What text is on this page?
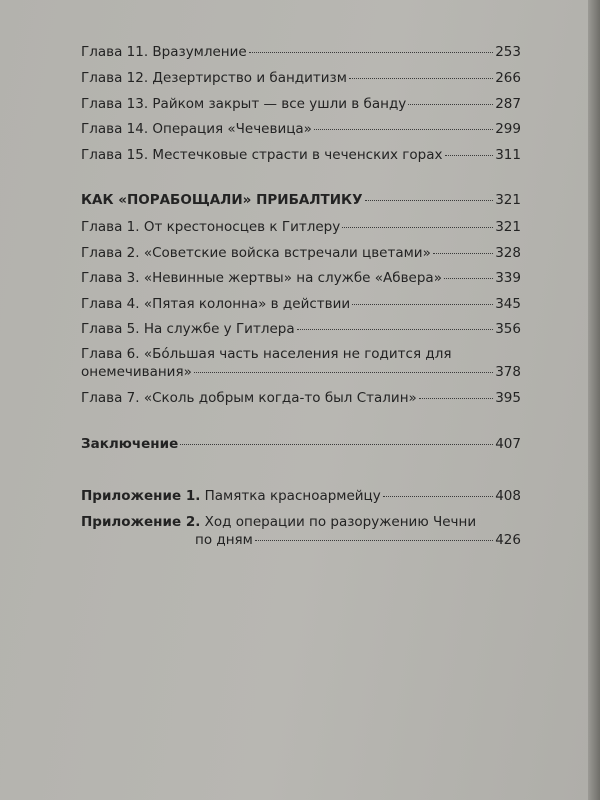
Глава 11. Вразумление	253
Глава 12. Дезертирство и бандитизм	266
Глава 13. Райком закрыт — все ушли в банду	287
Глава 14. Операция «Чечевица»	299
Глава 15. Местечковые страсти в чеченских горах	311
КАК «ПОРАБОЩАЛИ» ПРИБАЛТИКУ	321
Глава 1. От крестоносцев к Гитлеру	321
Глава 2. «Советские войска встречали цветами»	328
Глава 3. «Невинные жертвы» на службе «Абвера»	339
Глава 4. «Пятая колонна» в действии	345
Глава 5. На службе у Гитлера	356
Глава 6. «Бо́льшая часть населения не годится для
онемечивания»	378
Глава 7. «Сколь добрым когда-то был Сталин»	395
Заключение	407
Приложение 1. Памятка красноармейцу	408
Приложение 2. Ход операции по разоружению Чечни
по дням	426
